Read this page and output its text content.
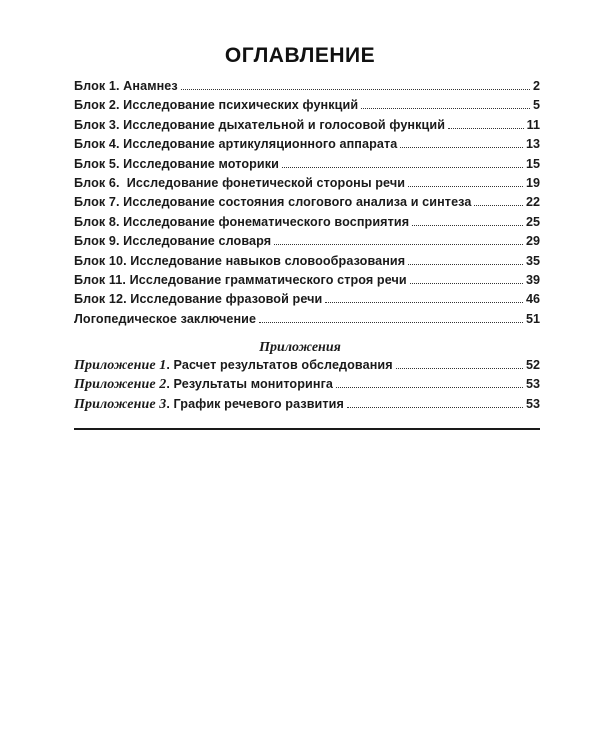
ОГЛАВЛЕНИЕ
Блок 1. Анамнез	2
Блок 2. Исследование психических функций	5
Блок 3. Исследование дыхательной и голосовой функций	11
Блок 4. Исследование артикуляционного аппарата	13
Блок 5. Исследование моторики	15
Блок 6.  Исследование фонетической стороны речи	19
Блок 7. Исследование состояния слогового анализа и синтеза	22
Блок 8. Исследование фонематического восприятия	25
Блок 9. Исследование словаря	29
Блок 10. Исследование навыков словообразования	35
Блок 11. Исследование грамматического строя речи	39
Блок 12. Исследование фразовой речи	46
Логопедическое заключение	51
Приложения
Приложение 1. Расчет результатов обследования	52
Приложение 2. Результаты мониторинга	53
Приложение 3. График речевого развития	53
